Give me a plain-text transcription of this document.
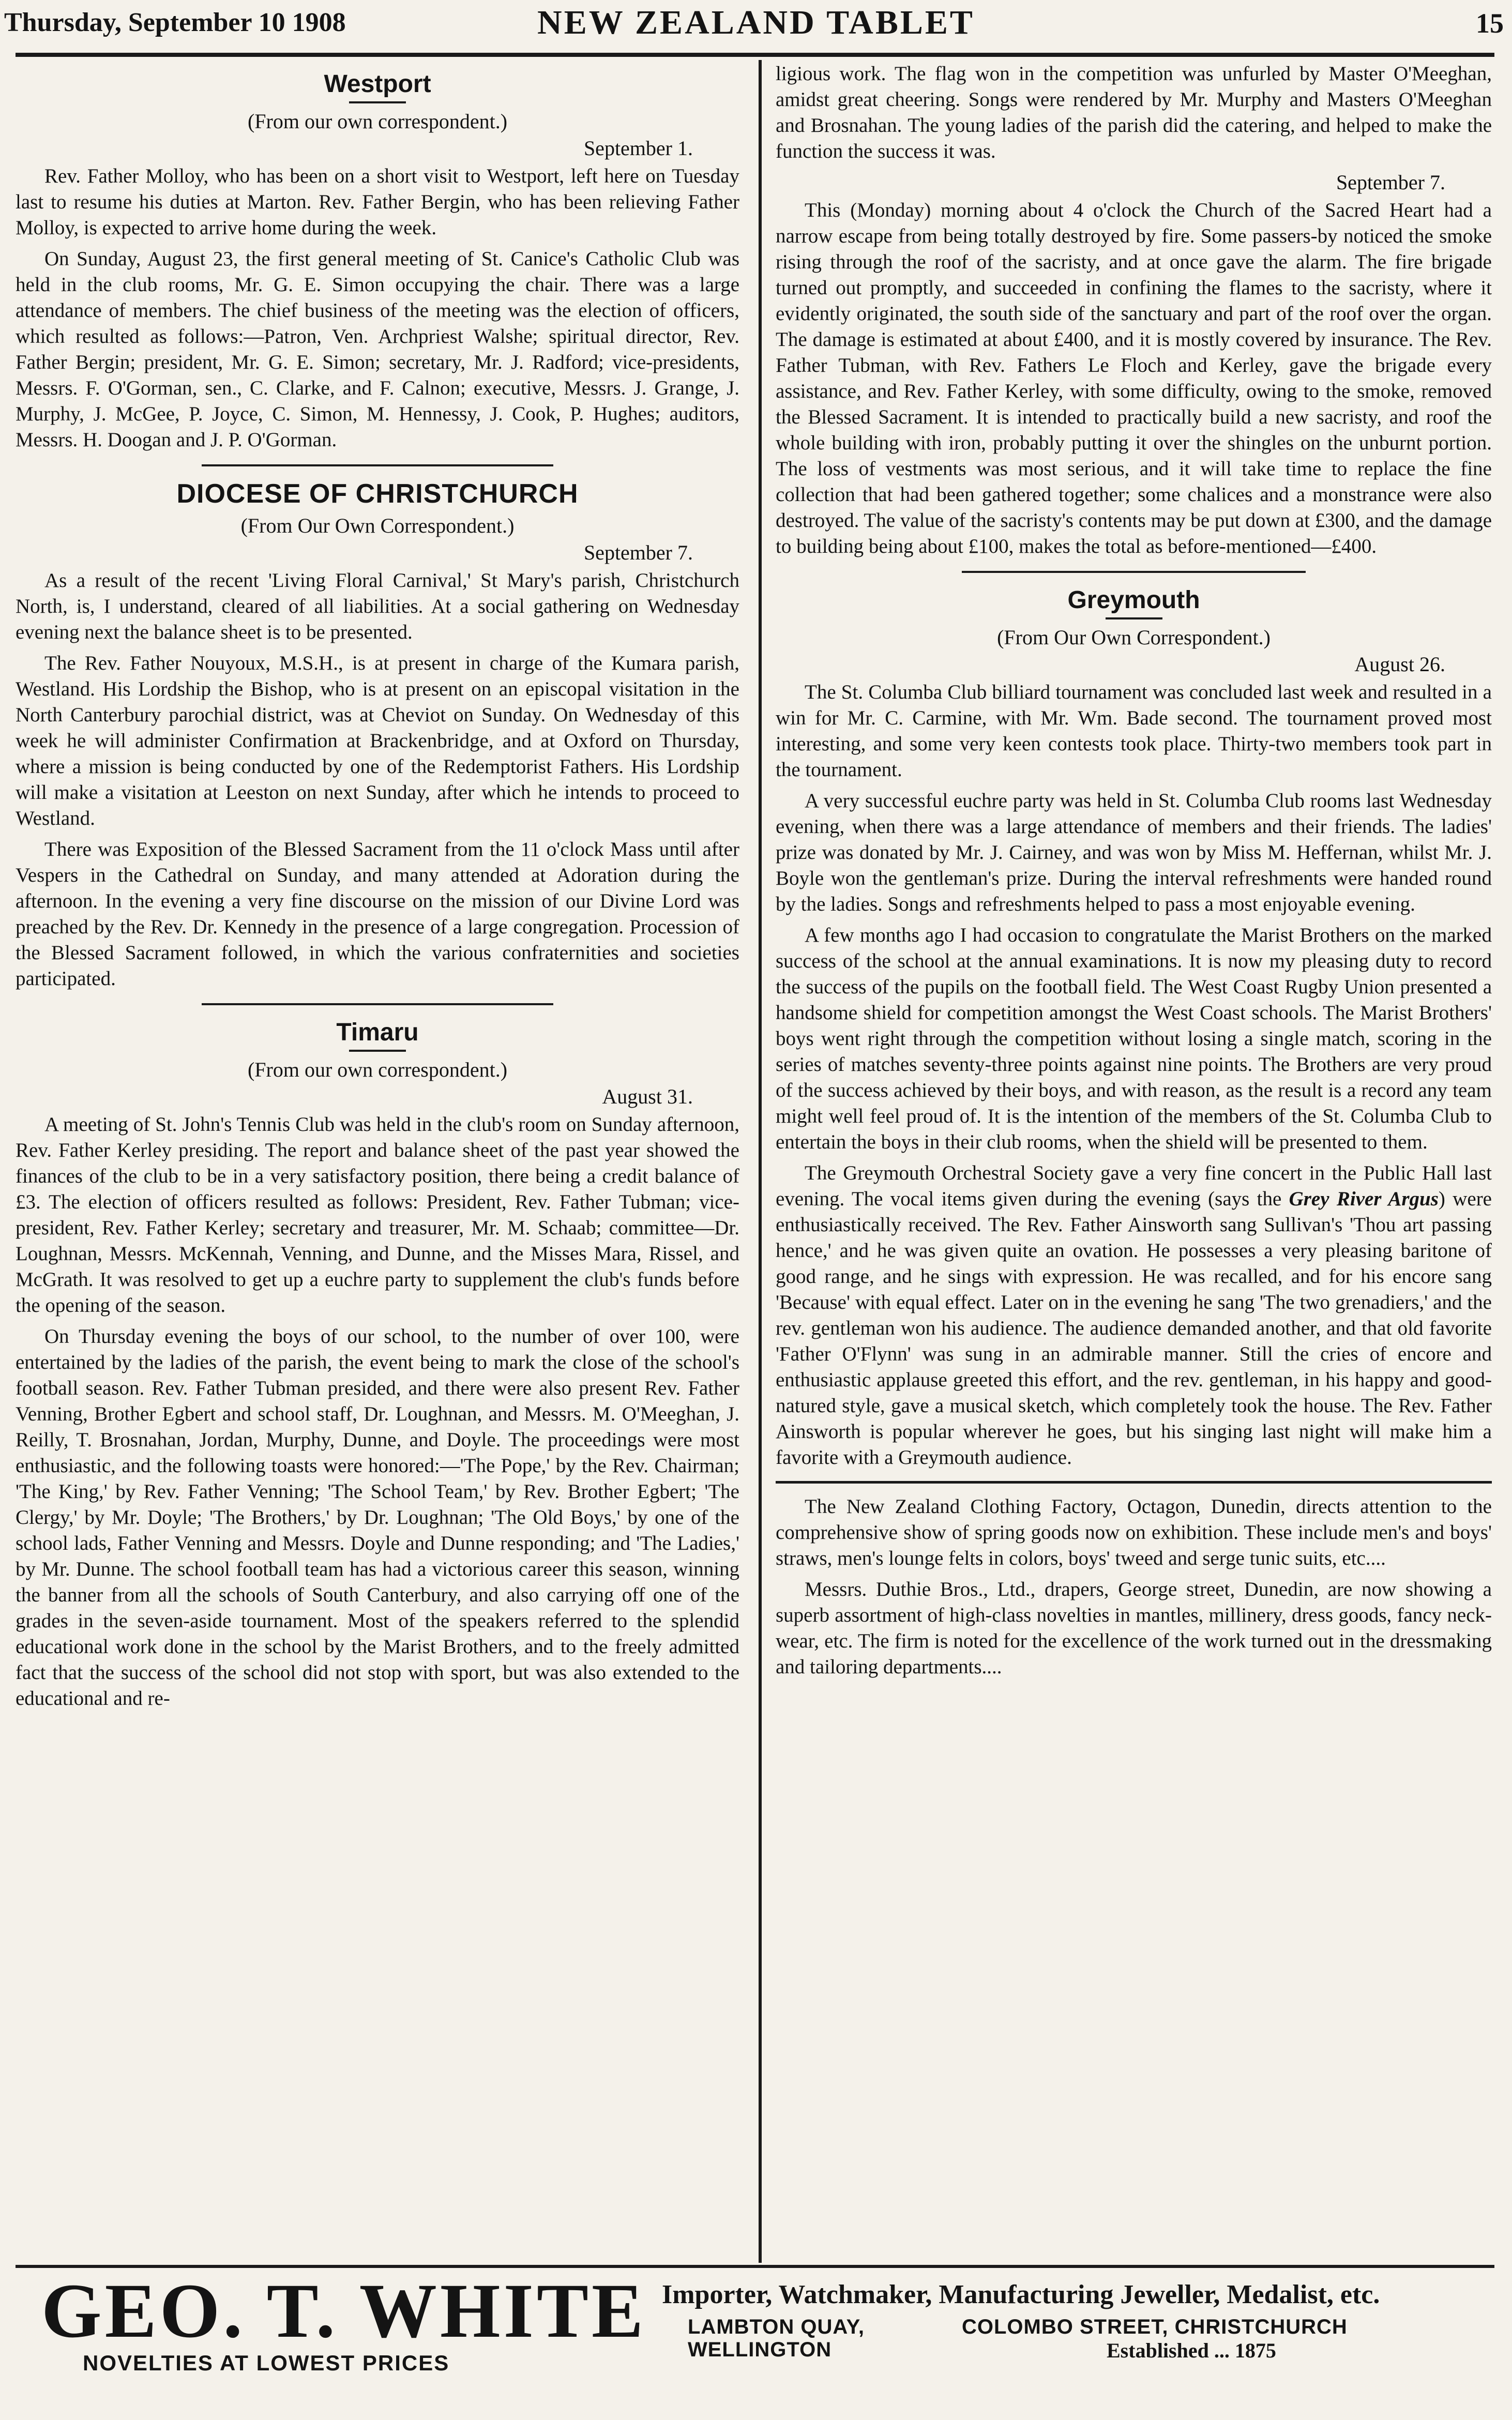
Thursday, September 10 1908	NEW ZEALAND TABLET	15
Westport
(From our own correspondent.)
September 1.

Rev. Father Molloy, who has been on a short visit to Westport, left here on Tuesday last to resume his duties at Marton. Rev. Father Bergin, who has been relieving Father Molloy, is expected to arrive home during the week.

On Sunday, August 23, the first general meeting of St. Canice's Catholic Club was held in the club rooms, Mr. G. E. Simon occupying the chair. There was a large attendance of members. The chief business of the meeting was the election of officers, which resulted as follows:—Patron, Ven. Archpriest Walshe; spiritual director, Rev. Father Bergin; president, Mr. G. E. Simon; secretary, Mr. J. Radford; vice-presidents, Messrs. F. O'Gorman, sen., C. Clarke, and F. Calnon; executive, Messrs. J. Grange, J. Murphy, J. McGee, P. Joyce, C. Simon, M. Hennessy, J. Cook, P. Hughes; auditors, Messrs. H. Doogan and J. P. O'Gorman.

DIOCESE OF CHRISTCHURCH
(From Our Own Correspondent.)
September 7.

As a result of the recent 'Living Floral Carnival,' St Mary's parish, Christchurch North, is, I understand, cleared of all liabilities. At a social gathering on Wednesday evening next the balance sheet is to be presented.

The Rev. Father Nouyoux, M.S.H., is at present in charge of the Kumara parish, Westland. His Lordship the Bishop, who is at present on an episcopal visitation in the North Canterbury parochial district, was at Cheviot on Sunday. On Wednesday of this week he will administer Confirmation at Brackenbridge, and at Oxford on Thursday, where a mission is being conducted by one of the Redemptorist Fathers. His Lordship will make a visitation at Leeston on next Sunday, after which he intends to proceed to Westland.

There was Exposition of the Blessed Sacrament from the 11 o'clock Mass until after Vespers in the Cathedral on Sunday, and many attended at Adoration during the afternoon. In the evening a very fine discourse on the mission of our Divine Lord was preached by the Rev. Dr. Kennedy in the presence of a large congregation. Procession of the Blessed Sacrament followed, in which the various confraternities and societies participated.

Timaru
(From our own correspondent.)
August 31.

A meeting of St. John's Tennis Club was held in the club's room on Sunday afternoon, Rev. Father Kerley presiding. The report and balance sheet of the past year showed the finances of the club to be in a very satisfactory position, there being a credit balance of £3. The election of officers resulted as follows: President, Rev. Father Tubman; vice-president, Rev. Father Kerley; secretary and treasurer, Mr. M. Schaab; committee—Dr. Loughnan, Messrs. McKennah, Venning, and Dunne, and the Misses Mara, Rissel, and McGrath. It was resolved to get up a euchre party to supplement the club's funds before the opening of the season.

On Thursday evening the boys of our school, to the number of over 100, were entertained by the ladies of the parish, the event being to mark the close of the school's football season. Rev. Father Tubman presided, and there were also present Rev. Father Venning, Brother Egbert and school staff, Dr. Loughnan, and Messrs. M. O'Meeghan, J. Reilly, T. Brosnahan, Jordan, Murphy, Dunne, and Doyle. The proceedings were most enthusiastic, and the following toasts were honored:—'The Pope,' by the Rev. Chairman; 'The King,' by Rev. Father Venning; 'The School Team,' by Rev. Brother Egbert; 'The Clergy,' by Mr. Doyle; 'The Brothers,' by Dr. Loughnan; 'The Old Boys,' by one of the school lads, Father Venning and Messrs. Doyle and Dunne responding; and 'The Ladies,' by Mr. Dunne. The school football team has had a victorious career this season, winning the banner from all the schools of South Canterbury, and also carrying off one of the grades in the seven-aside tournament. Most of the speakers referred to the splendid educational work done in the school by the Marist Brothers, and to the freely admitted fact that the success of the school did not stop with sport, but was also extended to the educational and re-

ligious work. The flag won in the competition was unfurled by Master O'Meeghan, amidst great cheering. Songs were rendered by Mr. Murphy and Masters O'Meeghan and Brosnahan. The young ladies of the parish did the catering, and helped to make the function the success it was.

September 7.

This (Monday) morning about 4 o'clock the Church of the Sacred Heart had a narrow escape from being totally destroyed by fire. Some passers-by noticed the smoke rising through the roof of the sacristy, and at once gave the alarm. The fire brigade turned out promptly, and succeeded in confining the flames to the sacristy, where it evidently originated, the south side of the sanctuary and part of the roof over the organ. The damage is estimated at about £400, and it is mostly covered by insurance. The Rev. Father Tubman, with Rev. Fathers Le Floch and Kerley, gave the brigade every assistance, and Rev. Father Kerley, with some difficulty, owing to the smoke, removed the Blessed Sacrament. It is intended to practically build a new sacristy, and roof the whole building with iron, probably putting it over the shingles on the unburnt portion. The loss of vestments was most serious, and it will take time to replace the fine collection that had been gathered together; some chalices and a monstrance were also destroyed. The value of the sacristy's contents may be put down at £300, and the damage to building being about £100, makes the total as before-mentioned—£400.

Greymouth
(From Our Own Correspondent.)
August 26.

The St. Columba Club billiard tournament was concluded last week and resulted in a win for Mr. C. Carmine, with Mr. Wm. Bade second. The tournament proved most interesting, and some very keen contests took place. Thirty-two members took part in the tournament.

A very successful euchre party was held in St. Columba Club rooms last Wednesday evening, when there was a large attendance of members and their friends. The ladies' prize was donated by Mr. J. Cairney, and was won by Miss M. Heffernan, whilst Mr. J. Boyle won the gentleman's prize. During the interval refreshments were handed round by the ladies. Songs and refreshments helped to pass a most enjoyable evening.

A few months ago I had occasion to congratulate the Marist Brothers on the marked success of the school at the annual examinations. It is now my pleasing duty to record the success of the pupils on the football field. The West Coast Rugby Union presented a handsome shield for competition amongst the West Coast schools. The Marist Brothers' boys went right through the competition without losing a single match, scoring in the series of matches seventy-three points against nine points. The Brothers are very proud of the success achieved by their boys, and with reason, as the result is a record any team might well feel proud of. It is the intention of the members of the St. Columba Club to entertain the boys in their club rooms, when the shield will be presented to them.

The Greymouth Orchestral Society gave a very fine concert in the Public Hall last evening. The vocal items given during the evening (says the Grey River Argus) were enthusiastically received. The Rev. Father Ainsworth sang Sullivan's 'Thou art passing hence,' and he was given quite an ovation. He possesses a very pleasing baritone of good range, and he sings with expression. He was recalled, and for his encore sang 'Because' with equal effect. Later on in the evening he sang 'The two grenadiers,' and the rev. gentleman won his audience. The audience demanded another, and that old favorite 'Father O'Flynn' was sung in an admirable manner. Still the cries of encore and enthusiastic applause greeted this effort, and the rev. gentleman, in his happy and good-natured style, gave a musical sketch, which completely took the house. The Rev. Father Ainsworth is popular wherever he goes, but his singing last night will make him a favorite with a Greymouth audience.

The New Zealand Clothing Factory, Octagon, Dunedin, directs attention to the comprehensive show of spring goods now on exhibition. These include men's and boys' straws, men's lounge felts in colors, boys' tweed and serge tunic suits, etc....

Messrs. Duthie Bros., Ltd., drapers, George street, Dunedin, are now showing a superb assortment of high-class novelties in mantles, millinery, dress goods, fancy neck-wear, etc. The firm is noted for the excellence of the work turned out in the dressmaking and tailoring departments....

GEO. T. WHITE
NOVELTIES AT LOWEST PRICES
Importer, Watchmaker, Manufacturing Jeweller, Medalist, etc.
LAMBTON QUAY,
WELLINGTON
COLOMBO STREET, CHRISTCHURCH
Established ... 1875
